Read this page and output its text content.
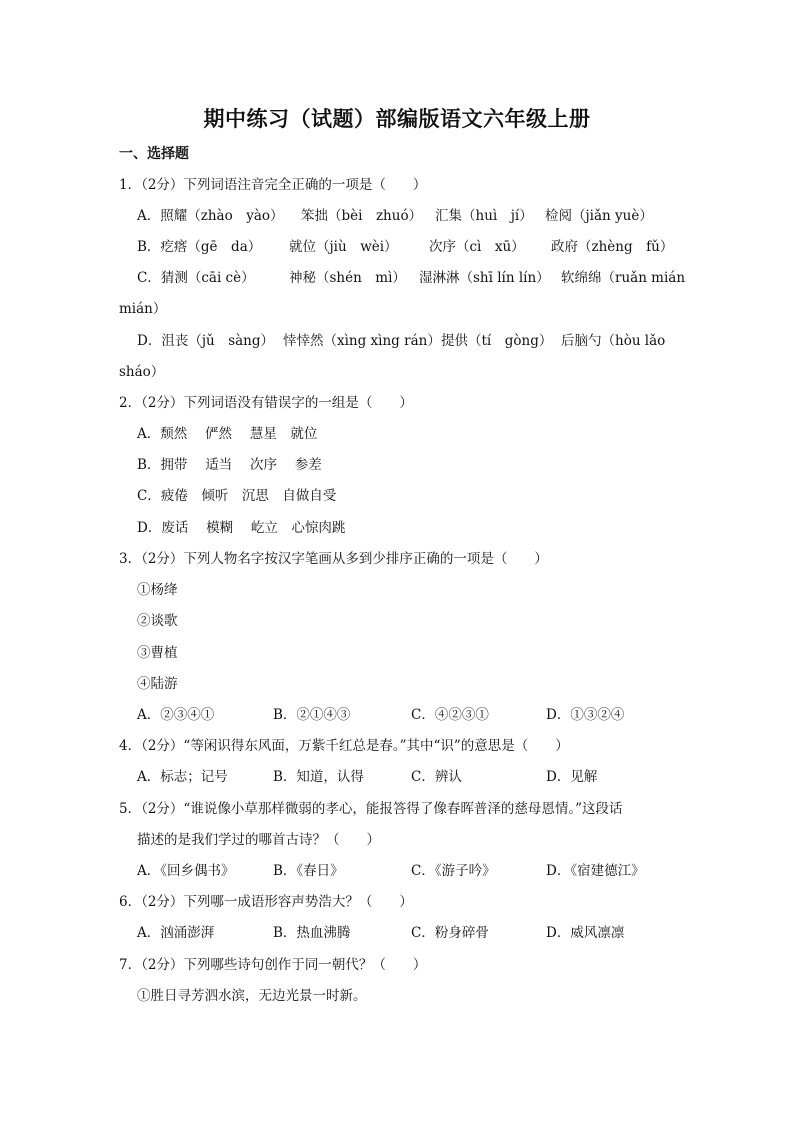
期中练习（试题）部编版语文六年级上册
一、选择题
1．（2分）下列词语注音完全正确的一项是（　　）
A．照耀（zhào　yào） 笨拙（bèi　zhuó） 汇集（huì　jí） 检阅（jiǎn yuè）
B．疙瘩（gē　da） 就位（jiù　wèi） 次序（cì　xū） 政府（zhèng　fǔ）
C．猜测（cāi cè）	神秘（shén　mì） 湿淋淋（shī lín lín） 软绵绵（ruǎn mián
mián）
D．沮丧（jǔ　sàng） 悻悻然（xìng xìng rán） 提供（tí　gòng） 后脑勺（hòu lǎo
sháo）
2．（2分）下列词语没有错误字的一组是（　　）
A．颓然　 俨然　 慧星　就位
B．拥带　 适当　 次序　 参差
C．疲倦　倾听　沉思　自做自受
D．废话　 模糊　 屹立　心惊肉跳
3．（2分）下列人物名字按汉字笔画从多到少排序正确的一项是（　　）
①杨绛
②谈歌
③曹植
④陆游
A．②③④①	B．②①④③	C．④②③①	D．①③②④
4．（2分）“等闲识得东风面，万紫千红总是春。”其中“识”的意思是（　　）
A．标志；记号	B．知道，认得	C．辨认	D．见解
5．（2分）“谁说像小草那样微弱的孝心，能报答得了像春晖普泽的慈母恩情。”这段话
描述的是我们学过的哪首古诗？（　　）
A．《回乡偶书》	B．《春日》	C．《游子吟》	D．《宿建德江》
6．（2分）下列哪一成语形容声势浩大？（　　）
A．汹涌澎湃	B．热血沸腾	C．粉身碎骨	D．威风凛凛
7．（2分）下列哪些诗句创作于同一朝代？（　　）
①胜日寻芳泗水滨，无边光景一时新。
